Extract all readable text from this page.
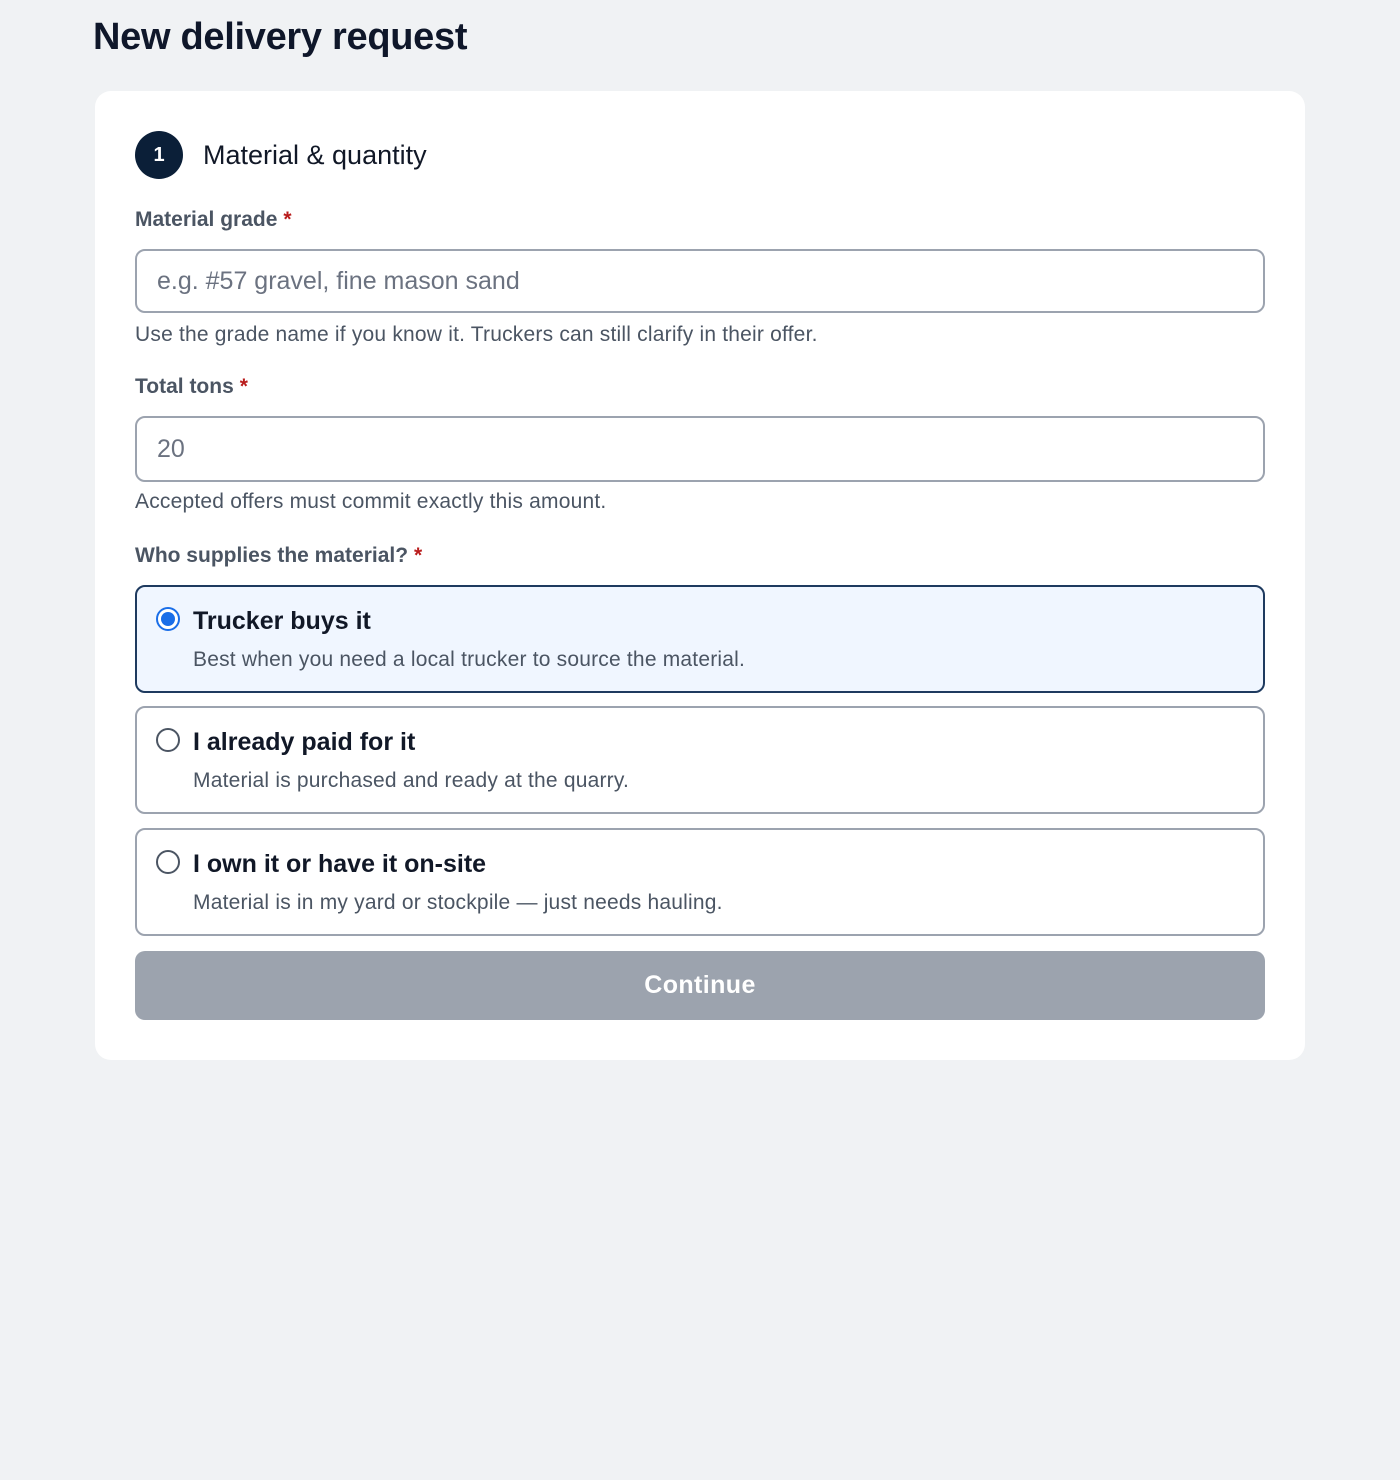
New delivery request
1	Material & quantity
Material grade *
e.g. #57 gravel, fine mason sand
Use the grade name if you know it. Truckers can still clarify in their offer.
Total tons *
20
Accepted offers must commit exactly this amount.
Who supplies the material? *
Trucker buys it
Best when you need a local trucker to source the material.
I already paid for it
Material is purchased and ready at the quarry.
I own it or have it on-site
Material is in my yard or stockpile — just needs hauling.
Continue
